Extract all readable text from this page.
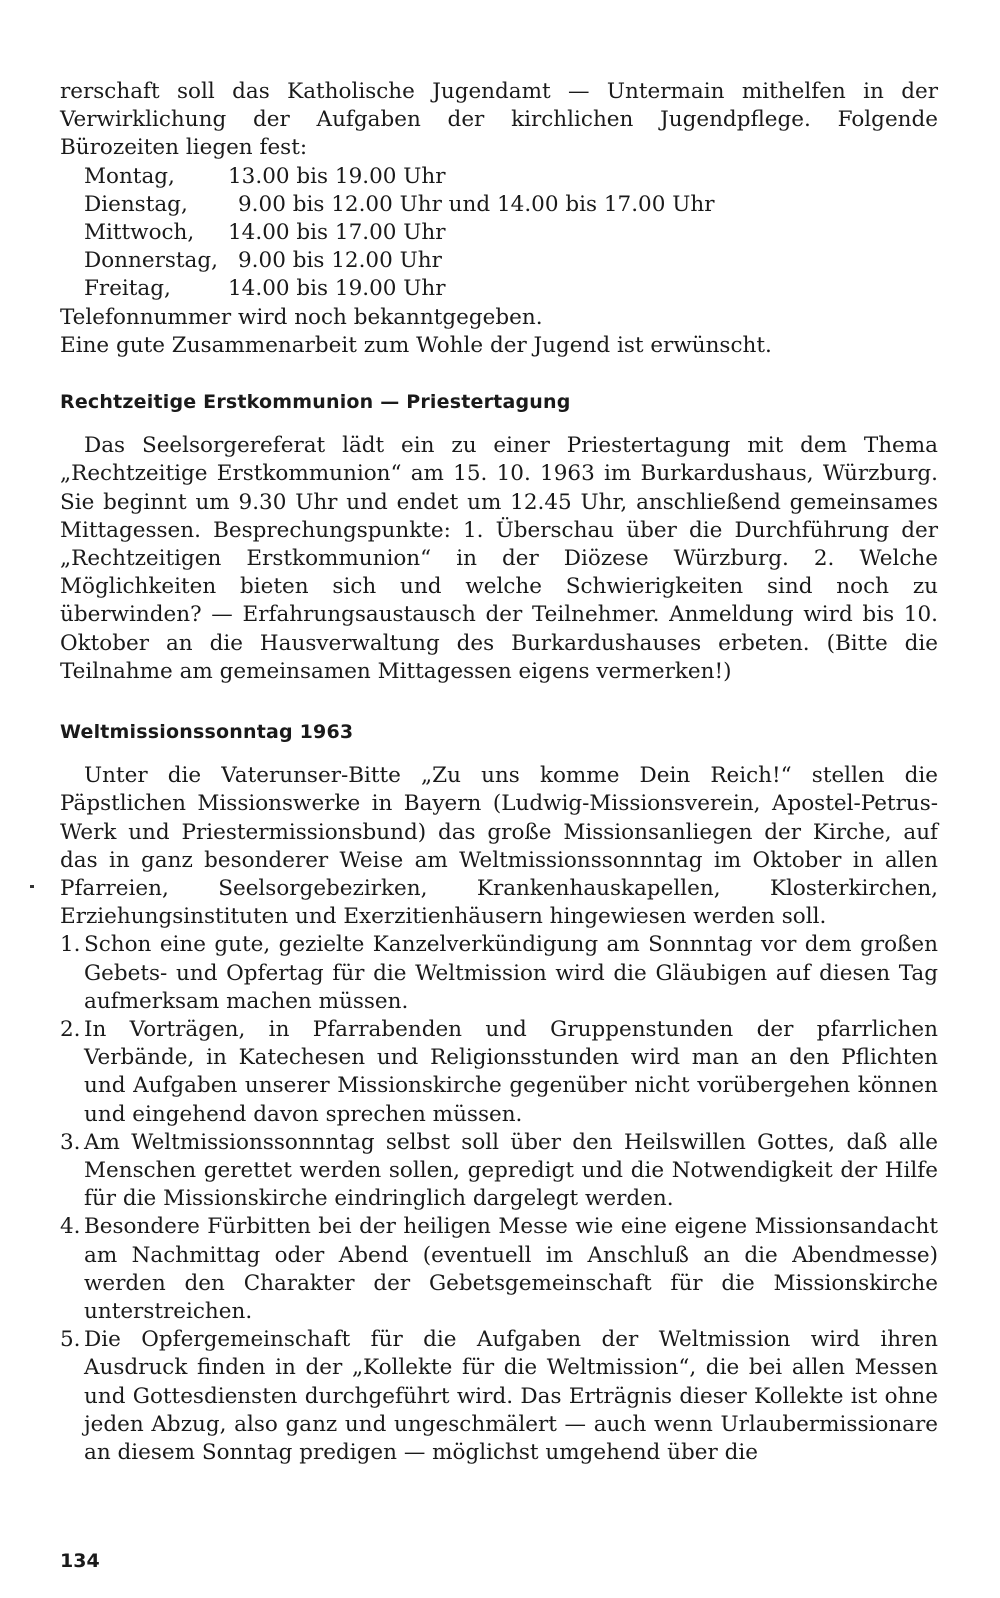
rerschaft soll das Katholische Jugendamt — Untermain mithelfen in der Verwirklichung der Aufgaben der kirchlichen Jugendpflege. Folgende Bürozeiten liegen fest:

Montag,	13.00 bis 19.00 Uhr
Dienstag,	9.00 bis 12.00 Uhr und 14.00 bis 17.00 Uhr
Mittwoch,	14.00 bis 17.00 Uhr
Donnerstag, 9.00 bis 12.00 Uhr
Freitag,	14.00 bis 19.00 Uhr

Telefonnummer wird noch bekanntgegeben.

Eine gute Zusammenarbeit zum Wohle der Jugend ist erwünscht.

Rechtzeitige Erstkommunion — Priestertagung

Das Seelsorgereferat lädt ein zu einer Priestertagung mit dem Thema „Rechtzeitige Erstkommunion“ am 15. 10. 1963 im Burkardushaus, Würzburg. Sie beginnt um 9.30 Uhr und endet um 12.45 Uhr, anschließend gemeinsames Mittagessen. Besprechungspunkte: 1. Überschau über die Durchführung der „Rechtzeitigen Erstkommunion“ in der Diözese Würzburg. 2. Welche Möglichkeiten bieten sich und welche Schwierigkeiten sind noch zu überwinden? — Erfahrungsaustausch der Teilnehmer. Anmeldung wird bis 10. Oktober an die Hausverwaltung des Burkardushauses erbeten. (Bitte die Teilnahme am gemeinsamen Mittagessen eigens vermerken!)

Weltmissionssonntag 1963

Unter die Vaterunser-Bitte „Zu uns komme Dein Reich!“ stellen die Päpstlichen Missionswerke in Bayern (Ludwig-Missionsverein, Apostel-Petrus-Werk und Priestermissionsbund) das große Missionsanliegen der Kirche, auf das in ganz besonderer Weise am Weltmissionssonnntag im Oktober in allen Pfarreien, Seelsorgebezirken, Krankenhauskapellen, Klosterkirchen, Erziehungsinstituten und Exerzitienhäusern hingewiesen werden soll.

1. Schon eine gute, gezielte Kanzelverkündigung am Sonnntag vor dem großen Gebets- und Opfertag für die Weltmission wird die Gläubigen auf diesen Tag aufmerksam machen müssen.
2. In Vorträgen, in Pfarrabenden und Gruppenstunden der pfarrlichen Verbände, in Katechesen und Religionsstunden wird man an den Pflichten und Aufgaben unserer Missionskirche gegenüber nicht vorübergehen können und eingehend davon sprechen müssen.
3. Am Weltmissionssonnntag selbst soll über den Heilswillen Gottes, daß alle Menschen gerettet werden sollen, gepredigt und die Notwendigkeit der Hilfe für die Missionskirche eindringlich dargelegt werden.
4. Besondere Fürbitten bei der heiligen Messe wie eine eigene Missionsandacht am Nachmittag oder Abend (eventuell im Anschluß an die Abendmesse) werden den Charakter der Gebetsgemeinschaft für die Missionskirche unterstreichen.
5. Die Opfergemeinschaft für die Aufgaben der Weltmission wird ihren Ausdruck finden in der „Kollekte für die Weltmission“, die bei allen Messen und Gottesdiensten durchgeführt wird. Das Erträgnis dieser Kollekte ist ohne jeden Abzug, also ganz und ungeschmälert — auch wenn Urlaubermissionare an diesem Sonntag predigen — möglichst umgehend über die
134
